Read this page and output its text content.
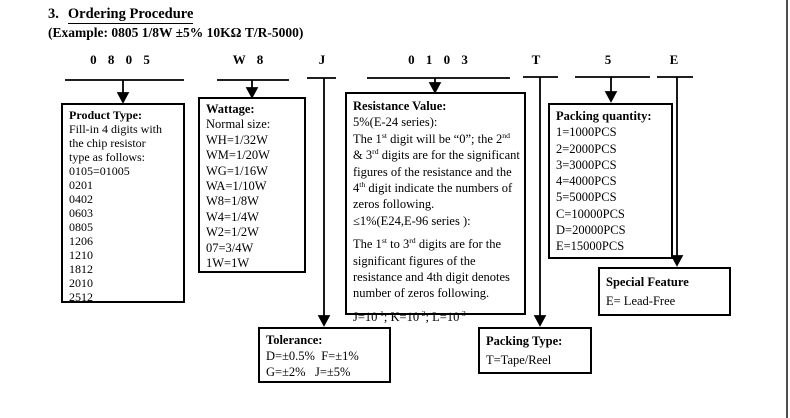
3. Ordering Procedure
(Example: 0805 1/8W ±5% 10KΩ T/R-5000)
0 8 0 5	W 8	J	0 1 0 3	T	5	E
Product Type:
Fill-in 4 digits with
the chip resistor
type as follows:
0105=01005
0201
0402
0603
0805
1206
1210
1812
2010
2512
Wattage:
Normal size:
WH=1/32W
WM=1/20W
WG=1/16W
WA=1/10W
W8=1/8W
W4=1/4W
W2=1/2W
07=3/4W
1W=1W
Resistance Value:
5%(E-24 series):
The 1st digit will be “0”; the 2nd
& 3rd digits are for the significant
figures of the resistance and the
4th digit indicate the numbers of
zeros following.
≤1%(E24,E-96 series ):

The 1st to 3rd digits are for the
significant figures of the
resistance and 4th digit denotes
number of zeros following.

$J=10^{-1}$; $K=10^{-2}$; $L=10^{-3}$
Packing quantity:
1=1000PCS
2=2000PCS
3=3000PCS
4=4000PCS
5=5000PCS
C=10000PCS
D=20000PCS
E=15000PCS
Special Feature
E= Lead-Free
Tolerance:
D=±0.5%  F=±1%
G=±2%   J=±5%
Packing Type:
T=Tape/Reel
